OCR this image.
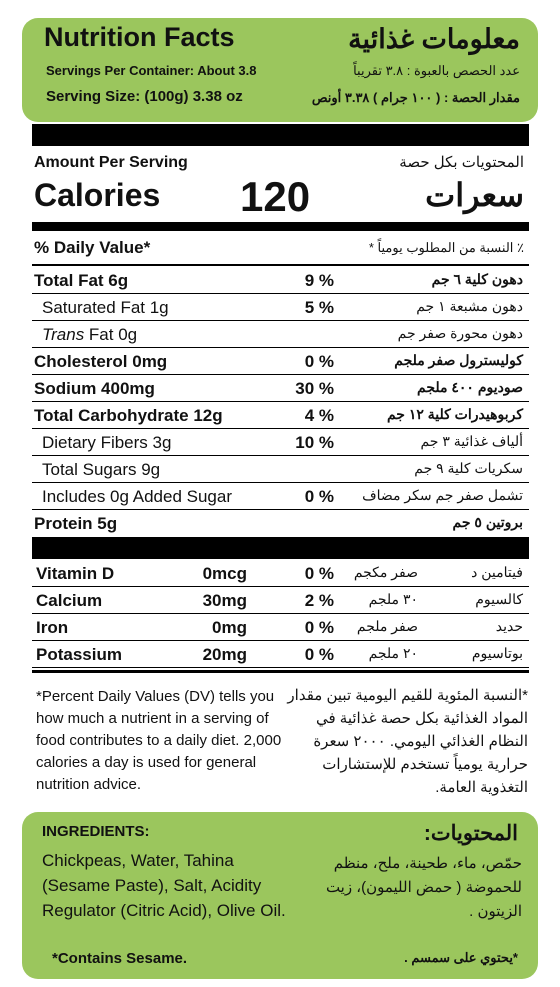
Nutrition Facts	معلومات غذائية
Servings Per Container: About 3.8	عدد الحصص بالعبوة : ٣.٨ تقريباً
Serving Size: (100g) 3.38 oz	مقدار الحصة : ( ١٠٠ جرام ) ٣.٣٨ أونص
Amount Per Serving	المحتويات بكل حصة
Calories 120	سعرات
% Daily Value*	٪ النسبة من المطلوب يومياً *
Total Fat 6g	9 %	دهون كلية ٦ جم
Saturated Fat 1g	5 %	دهون مشبعة ١ جم
Trans Fat 0g	دهون محورة صفر جم
Cholesterol 0mg	0 %	كوليسترول صفر ملجم
Sodium 400mg	30 %	صوديوم ٤٠٠ ملجم
Total Carbohydrate 12g	4 %	كربوهيدرات كلية ١٢ جم
Dietary Fibers 3g	10 %	ألياف غذائية ٣ جم
Total Sugars 9g	سكريات كلية ٩ جم
Includes 0g Added Sugar	0 % تشمل صفر جم سكر مضاف
Protein 5g	بروتين ٥ جم
Vitamin D	0mcg	0 %	صفر مكجم	فيتامين د
Calcium	30mg	2 %	٣٠ ملجم	كالسيوم
Iron	0mg	0 %	صفر ملجم	حديد
Potassium	20mg	0 %	٢٠ ملجم	بوتاسيوم
*Percent Daily Values (DV) tells you how much a nutrient in a serving of food contributes to a daily diet. 2,000 calories a day is used for general nutrition advice.
*النسبة المئوية للقيم اليومية تبين مقدار المواد الغذائية بكل حصة غذائية في النظام الغذائي اليومي. ٢٠٠٠ سعرة حرارية يومياً تستخدم للإستشارات التغذوية العامة.
INGREDIENTS:	المحتويات:
Chickpeas, Water, Tahina (Sesame Paste), Salt, Acidity Regulator (Citric Acid), Olive Oil.
حمّص، ماء، طحينة، ملح، منظم للحموضة ( حمض الليمون)، زيت الزيتون .
*Contains Sesame.	*يحتوي على سمسم .
